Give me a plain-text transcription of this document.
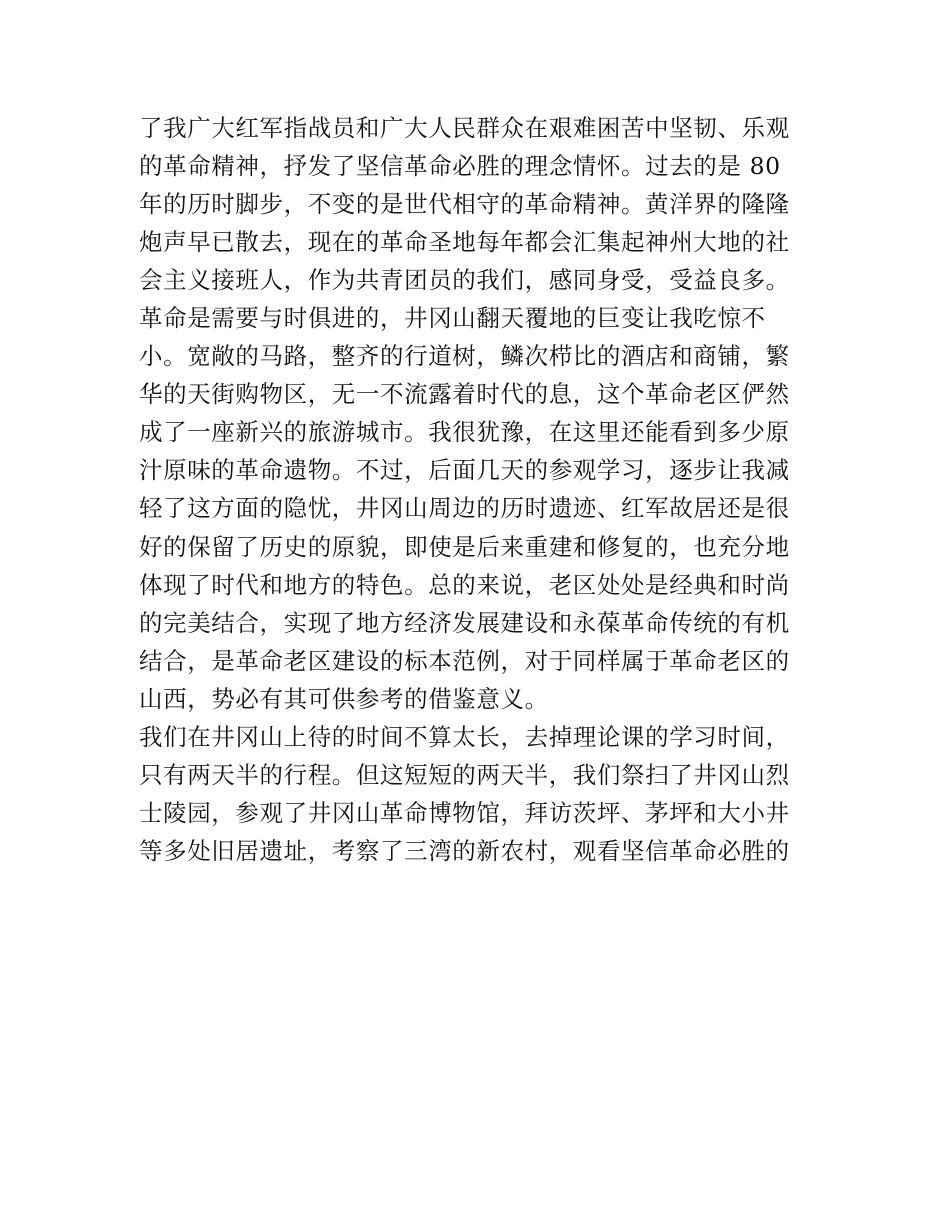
了我广大红军指战员和广大人民群众在艰难困苦中坚韧、乐观
的革命精神，抒发了坚信革命必胜的理念情怀。过去的是 80
年的历时脚步，不变的是世代相守的革命精神。黄洋界的隆隆
炮声早已散去，现在的革命圣地每年都会汇集起神州大地的社
会主义接班人，作为共青团员的我们，感同身受，受益良多。
革命是需要与时俱进的，井冈山翻天覆地的巨变让我吃惊不
小。宽敞的马路，整齐的行道树，鳞次栉比的酒店和商铺，繁
华的天街购物区，无一不流露着时代的息，这个革命老区俨然
成了一座新兴的旅游城市。我很犹豫，在这里还能看到多少原
汁原味的革命遗物。不过，后面几天的参观学习，逐步让我减
轻了这方面的隐忧，井冈山周边的历时遗迹、红军故居还是很
好的保留了历史的原貌，即使是后来重建和修复的，也充分地
体现了时代和地方的特色。总的来说，老区处处是经典和时尚
的完美结合，实现了地方经济发展建设和永葆革命传统的有机
结合，是革命老区建设的标本范例，对于同样属于革命老区的
山西，势必有其可供参考的借鉴意义。
我们在井冈山上待的时间不算太长，去掉理论课的学习时间，
只有两天半的行程。但这短短的两天半，我们祭扫了井冈山烈
士陵园，参观了井冈山革命博物馆，拜访茨坪、茅坪和大小井
等多处旧居遗址，考察了三湾的新农村，观看坚信革命必胜的
